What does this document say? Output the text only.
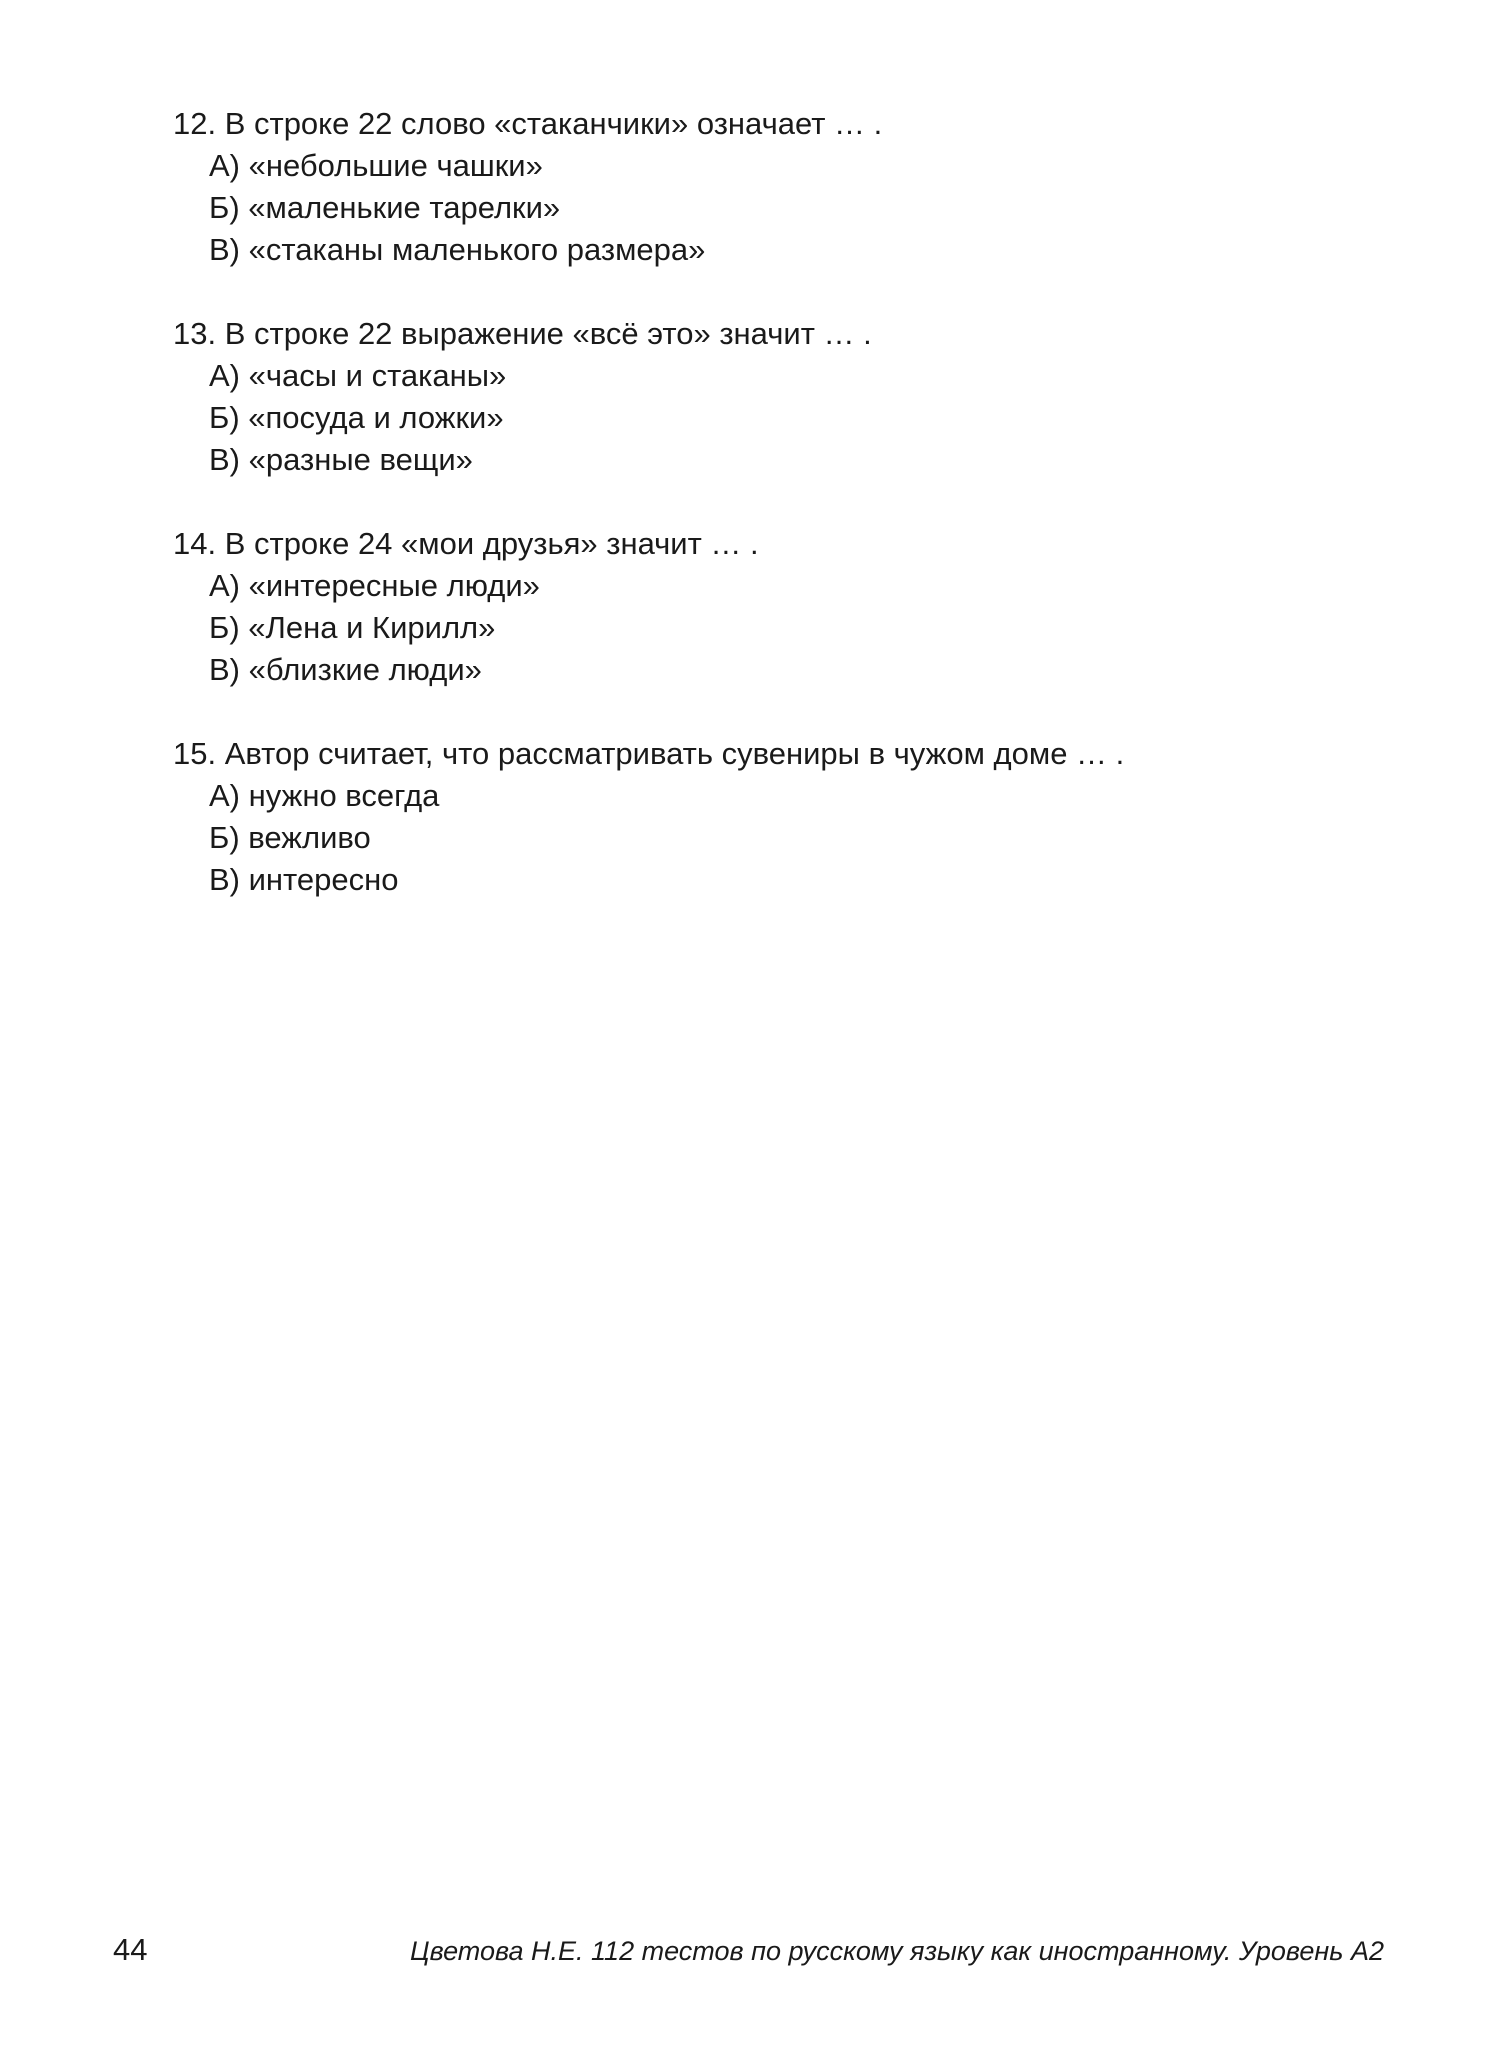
12. В строке 22 слово «стаканчики» означает … .
А) «небольшие чашки»
Б) «маленькие тарелки»
В) «стаканы маленького размера»
13. В строке 22 выражение «всё это» значит … .
А) «часы и стаканы»
Б) «посуда и ложки»
В) «разные вещи»
14. В строке 24 «мои друзья» значит … .
А) «интересные люди»
Б) «Лена и Кирилл»
В) «близкие люди»
15. Автор считает, что рассматривать сувениры в чужом доме … .
А) нужно всегда
Б) вежливо
В) интересно
44	Цветова Н.Е. 112 тестов по русскому языку как иностранному. Уровень А2
